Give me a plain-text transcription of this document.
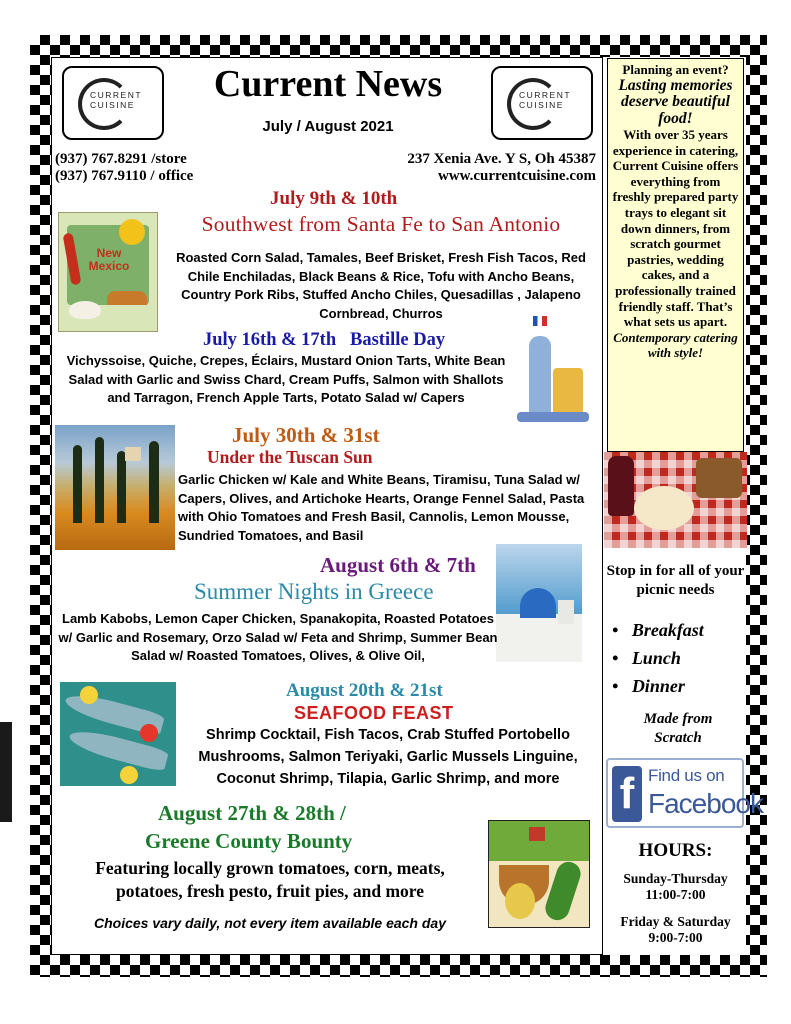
CURRENT
CUISINE
CURRENT
CUISINE
Current News
July / August 2021
(937) 767.8291 /store
(937) 767.9110 / office
237 Xenia Ave. Y S, Oh 45387
www.currentcuisine.com
July 9th & 10th
Southwest from Santa Fe to San Antonio
New Mexico

Roasted Corn Salad, Tamales, Beef Brisket, Fresh Fish Tacos, Red Chile Enchiladas, Black Beans & Rice, Tofu with Ancho Beans, Country Pork Ribs, Stuffed Ancho Chiles, Quesadillas , Jalapeno Cornbread, Churros

July 16th & 17th Bastille Day

Vichyssoise, Quiche, Crepes, Éclairs, Mustard Onion Tarts, White Bean Salad with Garlic and Swiss Chard, Cream Puffs, Salmon with Shallots and Tarragon, French Apple Tarts, Potato Salad w/ Capers

July 30th & 31st
Under the Tuscan Sun

Garlic Chicken w/ Kale and White Beans, Tiramisu, Tuna Salad w/ Capers, Olives, and Artichoke Hearts, Orange Fennel Salad, Pasta with Ohio Tomatoes and Fresh Basil, Cannolis, Lemon Mousse, Sundried Tomatoes, and Basil

August 6th & 7th
Summer Nights in Greece

Lamb Kabobs, Lemon Caper Chicken, Spanakopita, Roasted Potatoes w/ Garlic and Rosemary, Orzo Salad w/ Feta and Shrimp, Summer Bean Salad w/ Roasted Tomatoes, Olives, & Olive Oil,

August 20th & 21st
SEAFOOD FEAST

Shrimp Cocktail, Fish Tacos, Crab Stuffed Portobello Mushrooms, Salmon Teriyaki, Garlic Mussels Linguine, Coconut Shrimp, Tilapia, Garlic Shrimp, and more

August 27th & 28th /
Greene County Bounty
Featuring locally grown tomatoes, corn, meats, potatoes, fresh pesto, fruit pies, and more
Choices vary daily, not every item available each day
Planning an event?
Lasting memories deserve beautiful food!
With over 35 years experience in catering, Current Cuisine offers everything from freshly prepared party trays to elegant sit down dinners, from scratch gourmet pastries, wedding cakes, and a professionally trained friendly staff. That’s what sets us apart.
Contemporary catering with style!
Stop in for all of your picnic needs
•   Breakfast
•   Lunch
•   Dinner
Made from Scratch
f Find us on
Facebook
HOURS:
Sunday-Thursday
11:00-7:00
Friday & Saturday
9:00-7:00
